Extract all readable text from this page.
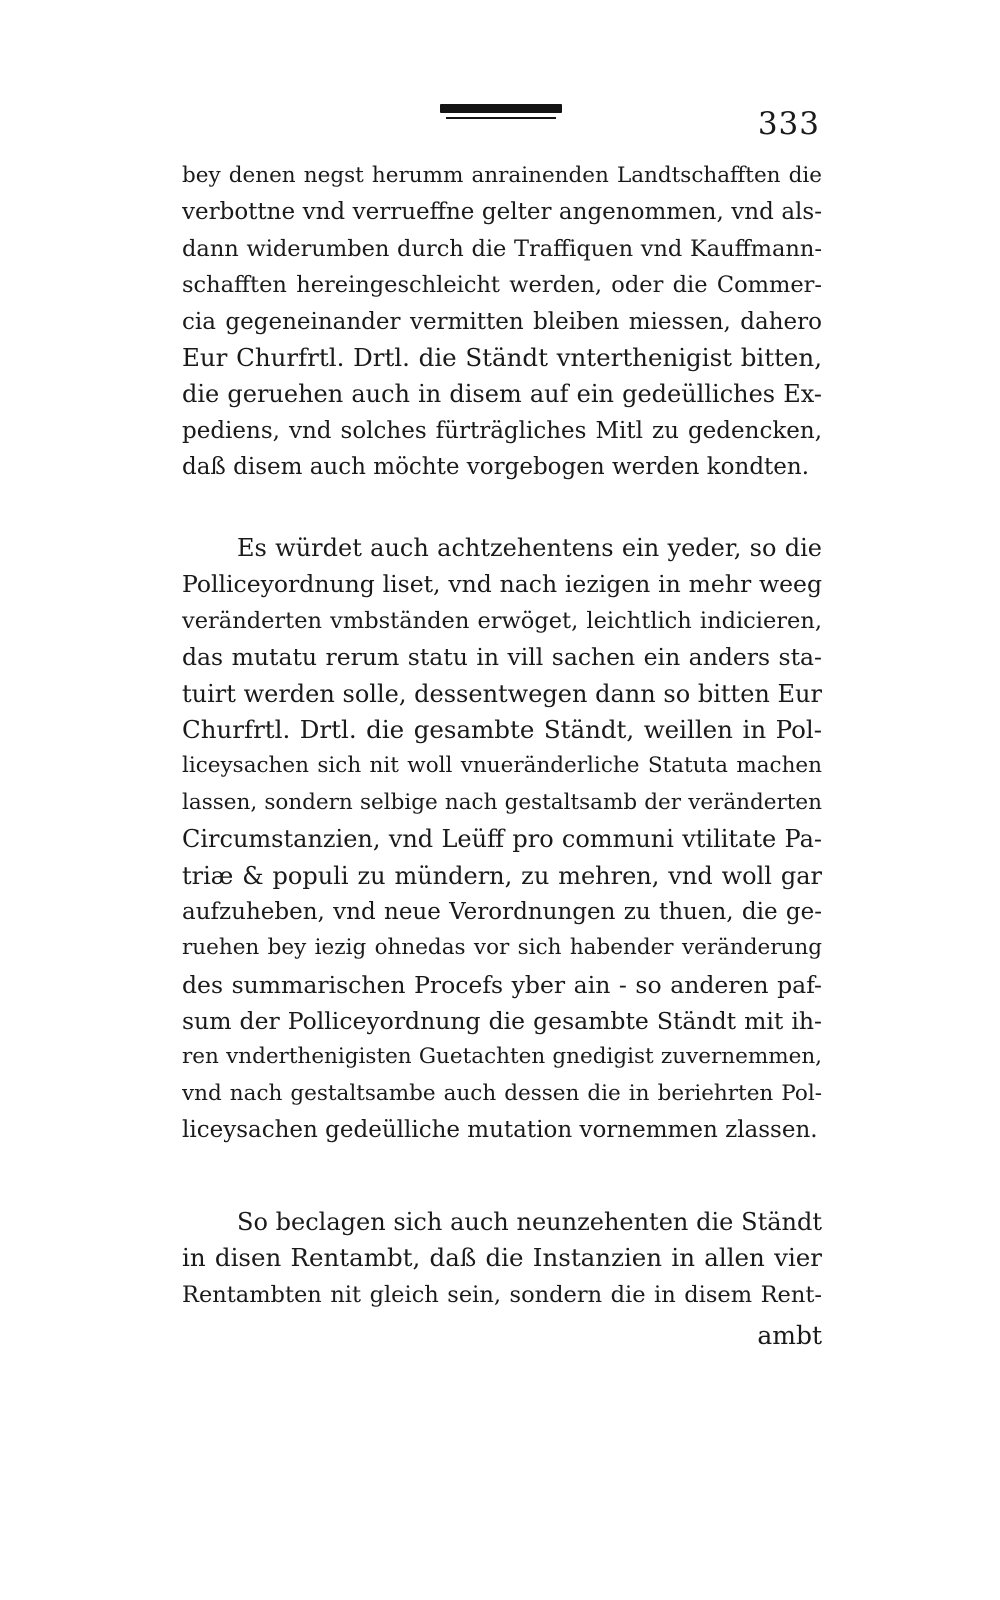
333
bey denen negst herumm anrainenden Landtschafften die
verbottne vnd verrueffne gelter angenommen, vnd als-
dann widerumben durch die Traffiquen vnd Kauffmann-
schafften hereingeschleicht werden, oder die Commer-
cia gegeneinander vermitten bleiben miessen, dahero
Eur Churfrtl. Drtl. die Ständt vnterthenigist bitten,
die geruehen auch in disem auf ein gedeülliches Ex-
pediens, vnd solches fürträgliches Mitl zu gedencken,
daß disem auch möchte vorgebogen werden kondten.
Es würdet auch achtzehentens ein yeder, so die
Polliceyordnung liset, vnd nach iezigen in mehr weeg
veränderten vmbständen erwöget, leichtlich indicieren,
das mutatu rerum statu in vill sachen ein anders sta-
tuirt werden solle, dessentwegen dann so bitten Eur
Churfrtl. Drtl. die gesambte Ständt, weillen in Pol-
liceysachen sich nit woll vnueränderliche Statuta machen
lassen, sondern selbige nach gestaltsamb der veränderten
Circumstanzien, vnd Leüff pro communi vtilitate Pa-
triæ & populi zu mündern, zu mehren, vnd woll gar
aufzuheben, vnd neue Verordnungen zu thuen, die ge-
ruehen bey iezig ohnedas vor sich habender veränderung
des summarischen Procefs yber ain - so anderen paf-
sum der Polliceyordnung die gesambte Ständt mit ih-
ren vnderthenigisten Guetachten gnedigist zuvernemmen,
vnd nach gestaltsambe auch dessen die in beriehrten Pol-
liceysachen gedeülliche mutation vornemmen zlassen.
So beclagen sich auch neunzehenten die Ständt
in disen Rentambt, daß die Instanzien in allen vier
Rentambten nit gleich sein, sondern die in disem Rent-
ambt
